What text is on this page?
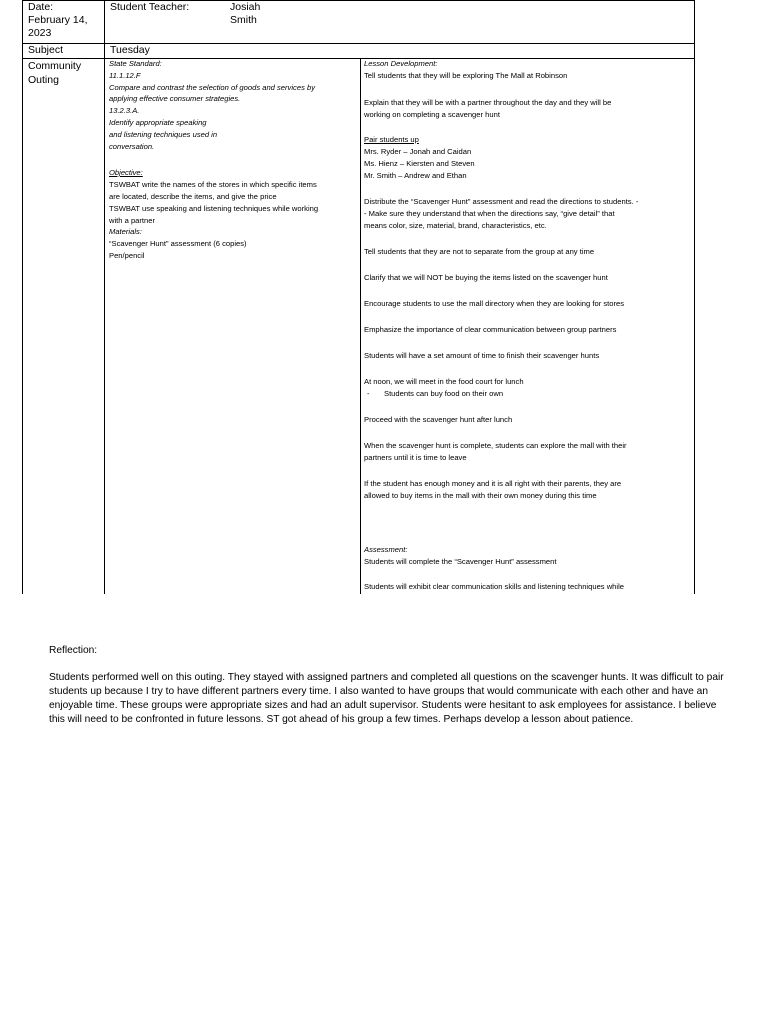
Date:
February 14,
2023
Student Teacher:	Josiah
Smith
Subject	Tuesday
Community
Outing
State Standard:
11.1.12.F
Compare and contrast the selection of goods and services by
applying effective consumer strategies.
13.2.3.A.
Identify appropriate speaking
and listening techniques used in
conversation.
Objective:
TSWBAT write the names of the stores in which specific items
are located, describe the items, and give the price
TSWBAT use speaking and listening techniques while working
with a partner
Materials:
“Scavenger Hunt” assessment (6 copies)
Pen/pencil
Lesson Development:
Tell students that they will be exploring The Mall at Robinson
Explain that they will be with a partner throughout the day and they will be
working on completing a scavenger hunt
Pair students up
Mrs. Ryder – Jonah and Caidan
Ms. Hienz – Kiersten and Steven
Mr. Smith – Andrew and Ethan
Distribute the “Scavenger Hunt” assessment and read the directions to students. -
- Make sure they understand that when the directions say, “give detail” that
means color, size, material, brand, characteristics, etc.
Tell students that they are not to separate from the group at any time
Clarify that we will NOT be buying the items listed on the scavenger hunt
Encourage students to use the mall directory when they are looking for stores
Emphasize the importance of clear communication between group partners
Students will have a set amount of time to finish their scavenger hunts
At noon, we will meet in the food court for lunch
- Students can buy food on their own
Proceed with the scavenger hunt after lunch
When the scavenger hunt is complete, students can explore the mall with their
partners until it is time to leave
If the student has enough money and it is all right with their parents, they are
allowed to buy items in the mall with their own money during this time
Assessment:
Students will complete the “Scavenger Hunt” assessment
Students will exhibit clear communication skills and listening techniques while
Reflection:
Students performed well on this outing. They stayed with assigned partners and completed all questions on the scavenger hunts. It was difficult to pair students up because I try to have different partners every time. I also wanted to have groups that would communicate with each other and have an enjoyable time. These groups were appropriate sizes and had an adult supervisor. Students were hesitant to ask employees for assistance. I believe this will need to be confronted in future lessons. ST got ahead of his group a few times. Perhaps develop a lesson about patience.
